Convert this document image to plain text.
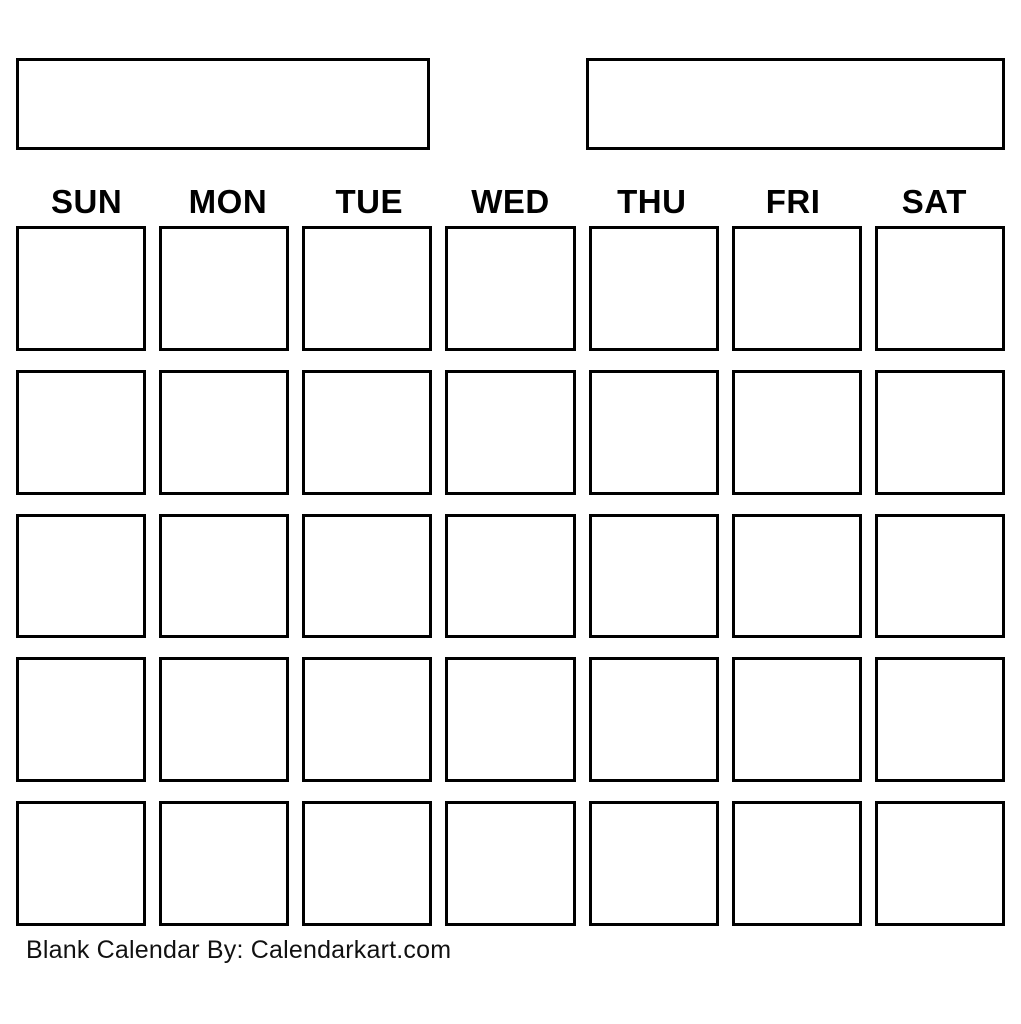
SUN	MON	TUE	WED	THU	FRI	SAT
Blank Calendar By: Calendarkart.com
